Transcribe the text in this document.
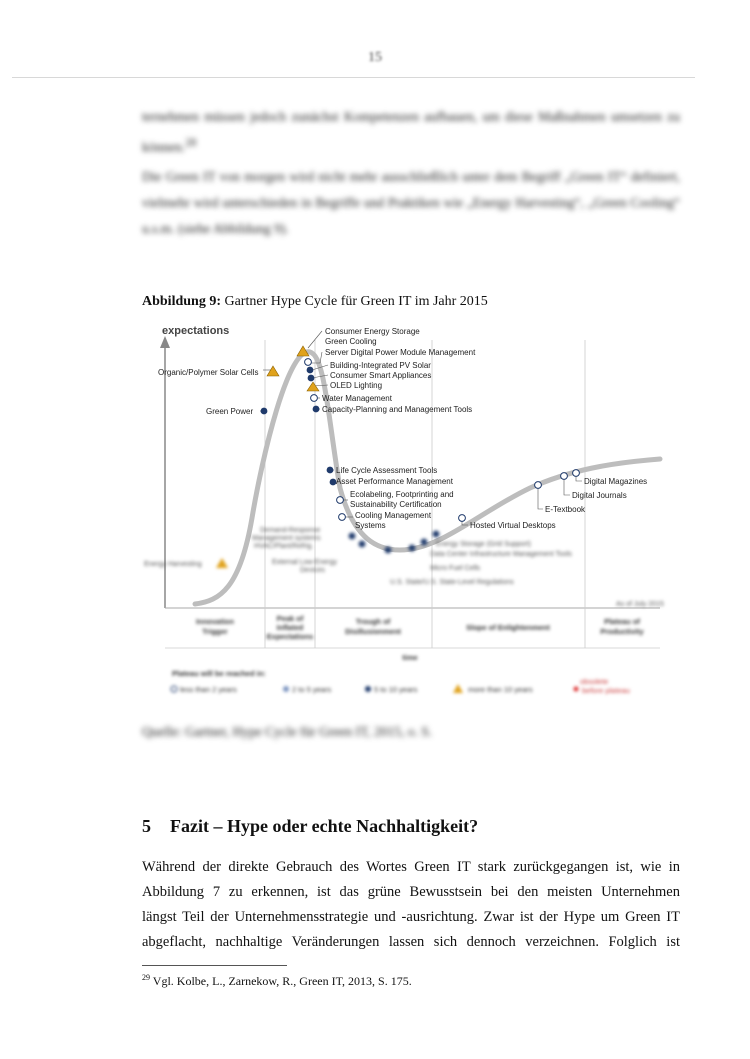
15
ternehmen müssen jedoch zunächst Kompetenzen aufbauen, um diese Maßnahmen umsetzen zu können.$^{28}$
Die Green IT von morgen wird nicht mehr ausschließlich unter dem Begriff „Green IT“ definiert, vielmehr wird unterschieden in Begriffe und Praktiken wie „Energy Harvesting“, „Green Cooling“ u.s.m. (siehe Abbildung 9).
Abbildung 9: Gartner Hype Cycle für Green IT im Jahr 2015
expectations	Consumer Energy Storage
Green Cooling
Server Digital Power Module Management
Building-Integrated PV Solar
Consumer Smart Appliances
OLED Lighting
Water Management
Capacity-Planning and Management Tools
Organic/Polymer Solar Cells
Green Power
Life Cycle Assessment Tools
Asset Performance Management
Ecolabeling, Footprinting and
Sustainability Certification
Cooling Management
Systems	Hosted Virtual Desktops
E-Textbook
Digital Journals
Digital Magazines
Demand-Response
Management systems
HVAC/Plant/Refrig.
External Low-Energy
Devices
Energy Harvesting
Energy Storage (Grid Support)
Data Center Infrastructure Management Tools
Micro Fuel Cells
U.S. State/U.S. State-Level Regulations
As of July 2015
Innovation
Trigger
Peak of
Inflated
Expectations
Trough of
Disillusionment	Slope of Enlightenment
Plateau of
Productivity
time
Plateau will be reached in:
less than 2 years	2 to 5 years	5 to 10 years	more than 10 years
obsolete
before plateau
Quelle: Gartner, Hype Cycle für Green IT, 2015, o. S.
5 Fazit – Hype oder echte Nachhaltigkeit?
Während der direkte Gebrauch des Wortes Green IT stark zurückgegangen ist, wie in
Abbildung 7 zu erkennen, ist das grüne Bewusstsein bei den meisten Unternehmen
längst Teil der Unternehmensstrategie und -ausrichtung. Zwar ist der Hype um Green IT
abgeflacht, nachhaltige Veränderungen lassen sich dennoch verzeichnen. Folglich ist
$^{29}$ Vgl. Kolbe, L., Zarnekow, R., Green IT, 2013, S. 175.
